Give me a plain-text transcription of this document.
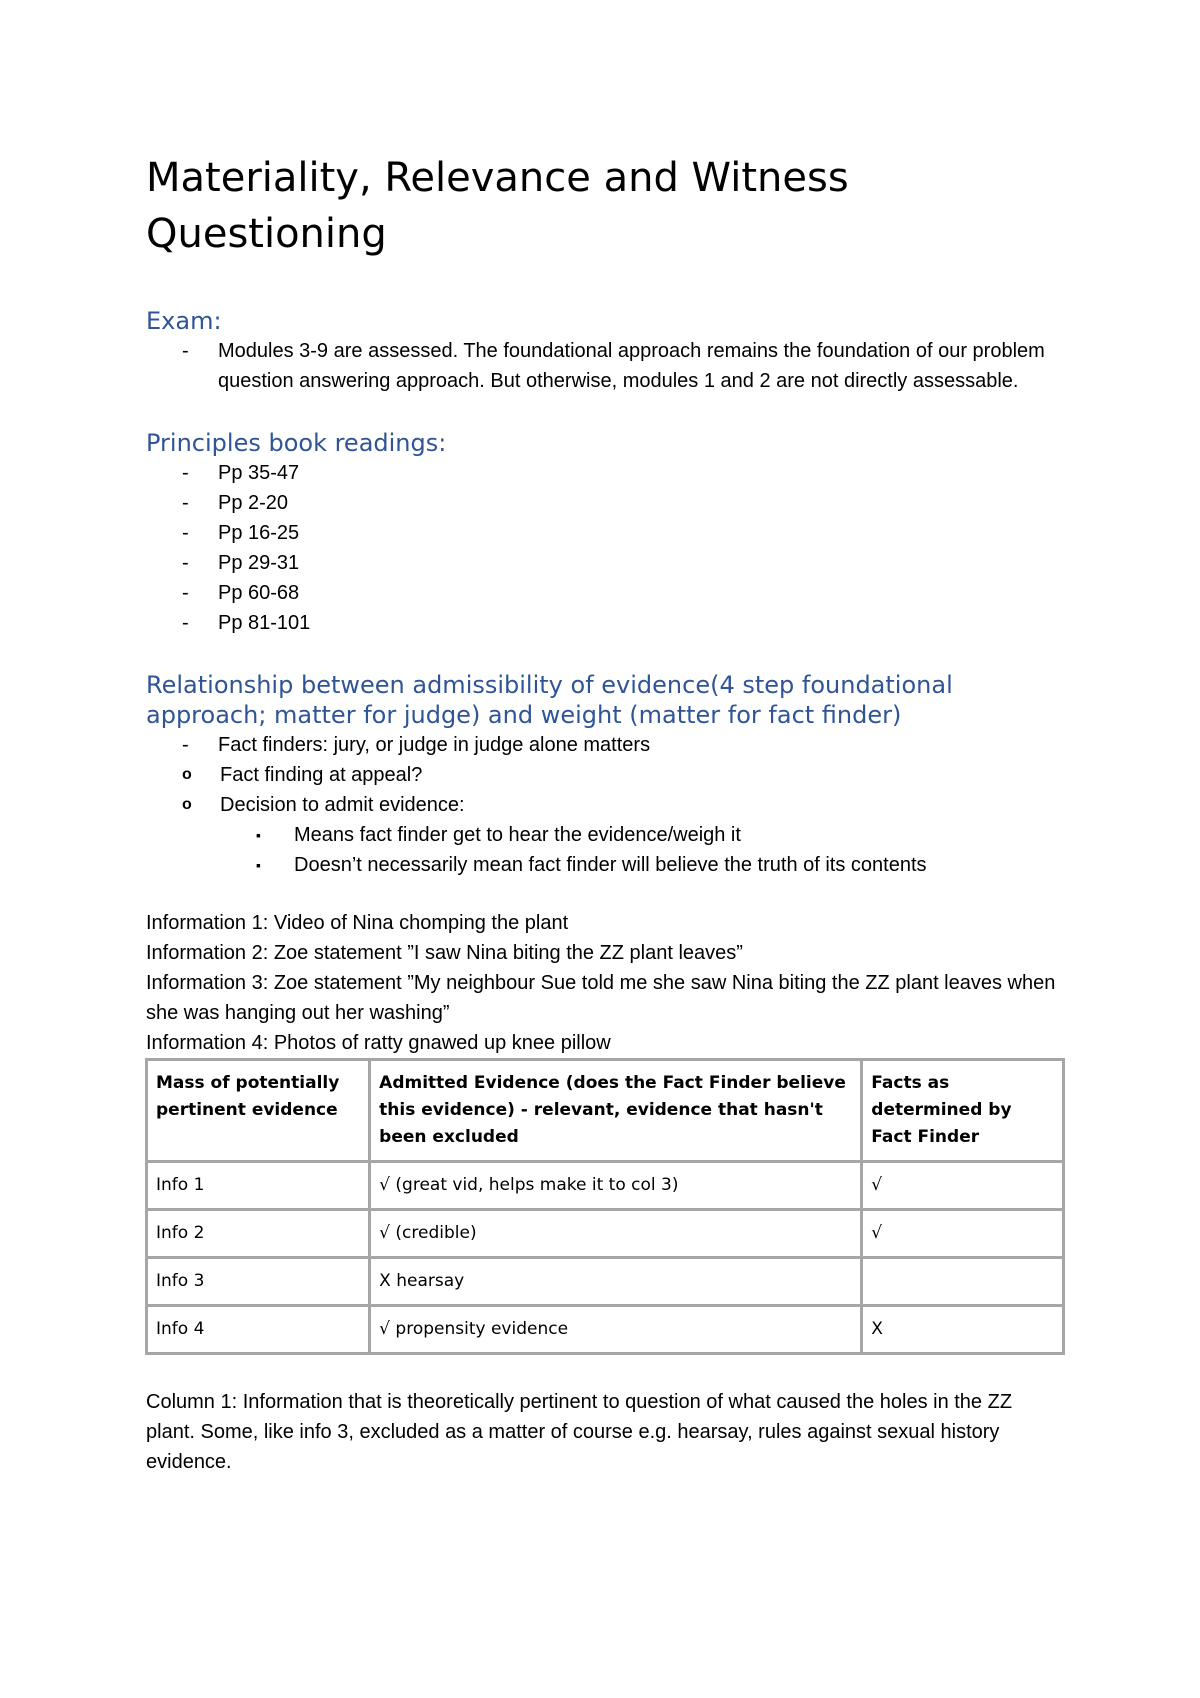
Materiality, Relevance and Witness Questioning
Exam:
- Modules 3-9 are assessed. The foundational approach remains the foundation of our problem question answering approach. But otherwise, modules 1 and 2 are not directly assessable.
Principles book readings:
- Pp 35-47
- Pp 2-20
- Pp 16-25
- Pp 29-31
- Pp 60-68
- Pp 81-101
Relationship between admissibility of evidence(4 step foundational approach; matter for judge) and weight (matter for fact finder)
- Fact finders: jury, or judge in judge alone matters
o Fact finding at appeal?
o Decision to admit evidence:
▪ Means fact finder get to hear the evidence/weigh it
▪ Doesn’t necessarily mean fact finder will believe the truth of its contents
Information 1: Video of Nina chomping the plant
Information 2: Zoe statement ”I saw Nina biting the ZZ plant leaves”
Information 3: Zoe statement ”My neighbour Sue told me she saw Nina biting the ZZ plant leaves when she was hanging out her washing”
Information 4: Photos of ratty gnawed up knee pillow
Mass of potentially pertinent evidence	Admitted Evidence (does the Fact Finder believe this evidence) - relevant, evidence that hasn't been excluded	Facts as determined by Fact Finder
Info 1	√ (great vid, helps make it to col 3)	√
Info 2	√ (credible)	√
Info 3	X hearsay	
Info 4	√ propensity evidence	X
Column 1: Information that is theoretically pertinent to question of what caused the holes in the ZZ plant. Some, like info 3, excluded as a matter of course e.g. hearsay, rules against sexual history evidence.
